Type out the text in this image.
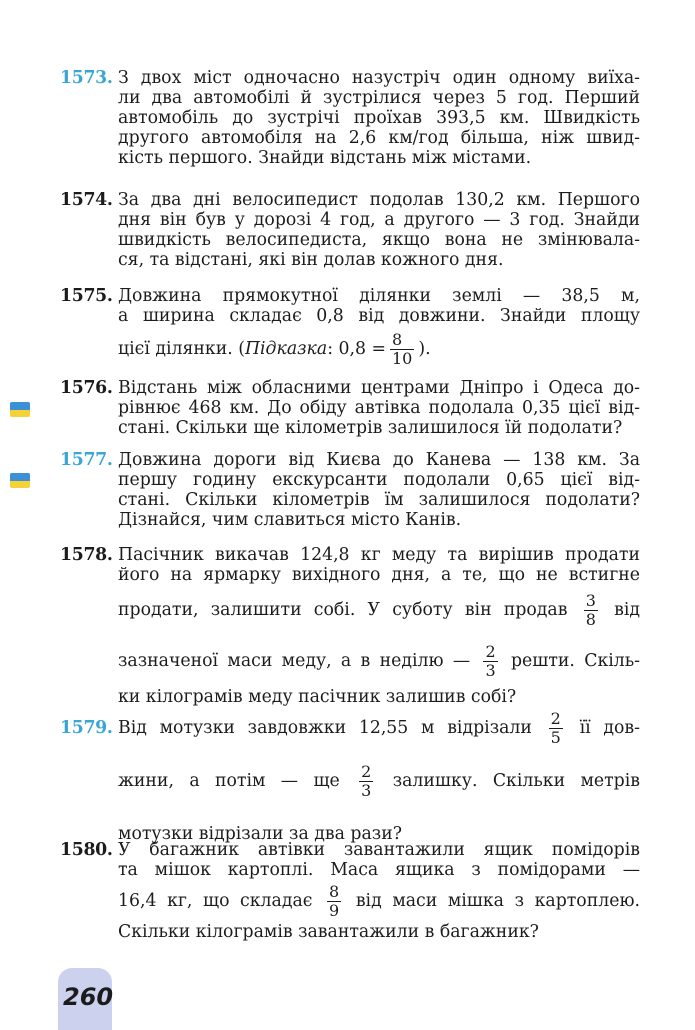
1573. З двох міст одночасно назустріч один одному виїха-
ли два автомобілі й зустрілися через 5 год. Перший
автомобіль до зустрічі проїхав 393,5 км. Швидкість
другого автомобіля на 2,6 км/год більша, ніж швид-
кість першого. Знайди відстань між містами.
1574. За два дні велосипедист подолав 130,2 км. Першого
дня він був у дорозі 4 год, а другого — 3 год. Знайди
швидкість велосипедиста, якщо вона не змінювала-
ся, та відстані, які він долав кожного дня.
1575. Довжина прямокутної ділянки землі — 38,5 м,
а ширина складає 0,8 від довжини. Знайди площу
цієї ділянки. (Підказка: $0,8 = \frac{8}{10}$ ).
1576. Відстань між обласними центрами Дніпро і Одеса до-
рівнює 468 км. До обіду автівка подолала 0,35 цієї від-
стані. Скільки ще кілометрів залишилося їй подолати?
1577. Довжина дороги від Києва до Канева — 138 км. За
першу годину екскурсанти подолали 0,65 цієї від-
стані. Скільки кілометрів їм залишилося подолати?
Дізнайся, чим славиться місто Канів.
1578. Пасічник викачав 124,8 кг меду та вирішив продати
його на ярмарку вихідного дня, а те, що не встигне
продати, залишити собі. У суботу він продав $\frac{3}{8}$ від
зазначеної маси меду, а в неділю — $\frac{2}{3}$ решти. Скіль-
ки кілограмів меду пасічник залишив собі?
1579. Від мотузки завдовжки 12,55 м відрізали $\frac{2}{5}$ її дов-
жини, а потім — ще $\frac{2}{3}$ залишку. Скільки метрів
мотузки відрізали за два рази?
1580. У багажник автівки завантажили ящик помідорів
та мішок картоплі. Маса ящика з помідорами —
16,4 кг, що складає $\frac{8}{9}$ від маси мішка з картоплею.
Скільки кілограмів завантажили в багажник?
260
